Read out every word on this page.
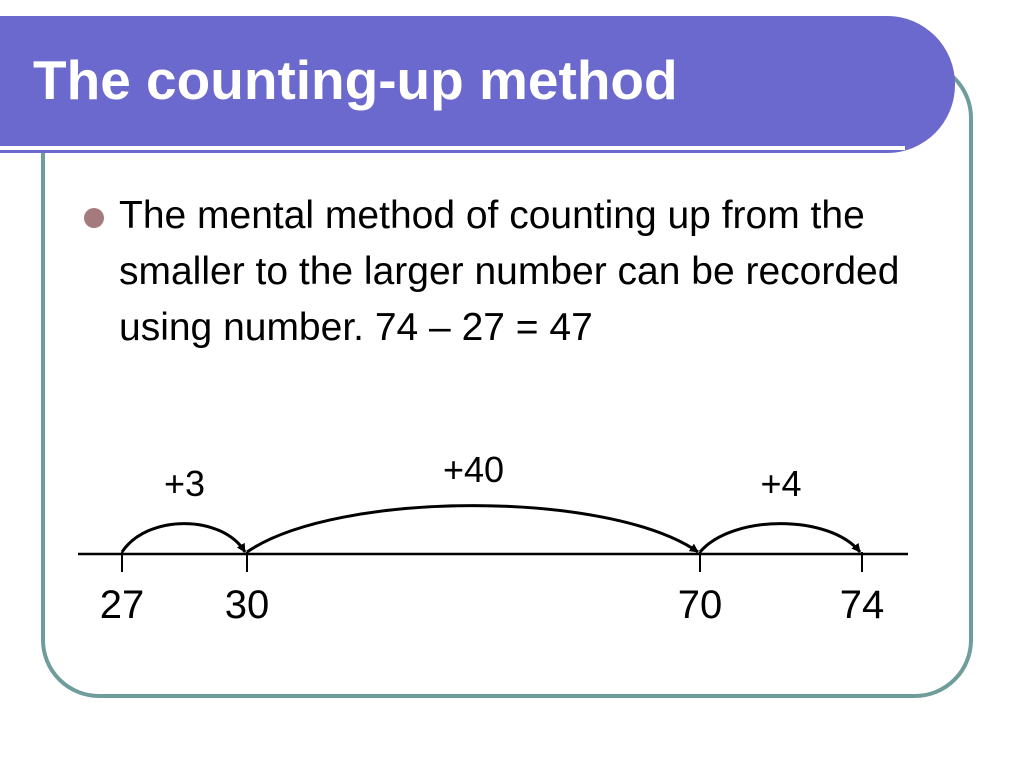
The counting-up method
The mental method of counting up from the smaller to the larger number can be recorded using number. 74 – 27 = 47
+3	+40	+4
27 30	70	74
